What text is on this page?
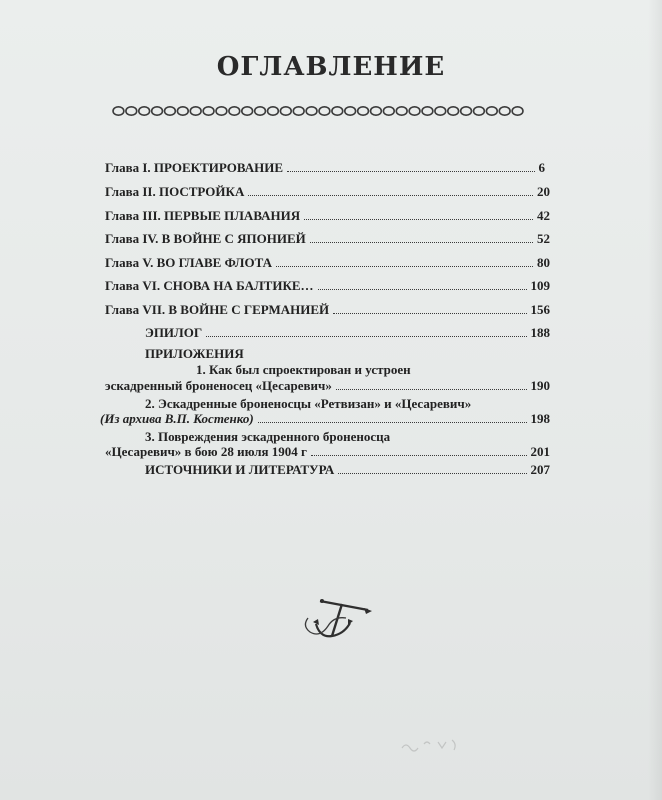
ОГЛАВЛЕНИЕ
Глава I. ПРОЕКТИРОВАНИЕ	6
Глава II. ПОСТРОЙКА	20
Глава III. ПЕРВЫЕ ПЛАВАНИЯ	42
Глава IV. В ВОЙНЕ С ЯПОНИЕЙ	52
Глава V. ВО ГЛАВЕ ФЛОТА	80
Глава VI. СНОВА НА БАЛТИКЕ…	109
Глава VII. В ВОЙНЕ С ГЕРМАНИЕЙ	156
ЭПИЛОГ	188
ПРИЛОЖЕНИЯ
1. Как был спроектирован и устроен
эскадренный броненосец «Цесаревич»	190
2. Эскадренные броненосцы «Ретвизан» и «Цесаревич»
(Из архива В.П. Костенко)	198
3. Повреждения эскадренного броненосца
«Цесаревич» в бою 28 июля 1904 г	201
ИСТОЧНИКИ И ЛИТЕРАТУРА	207
